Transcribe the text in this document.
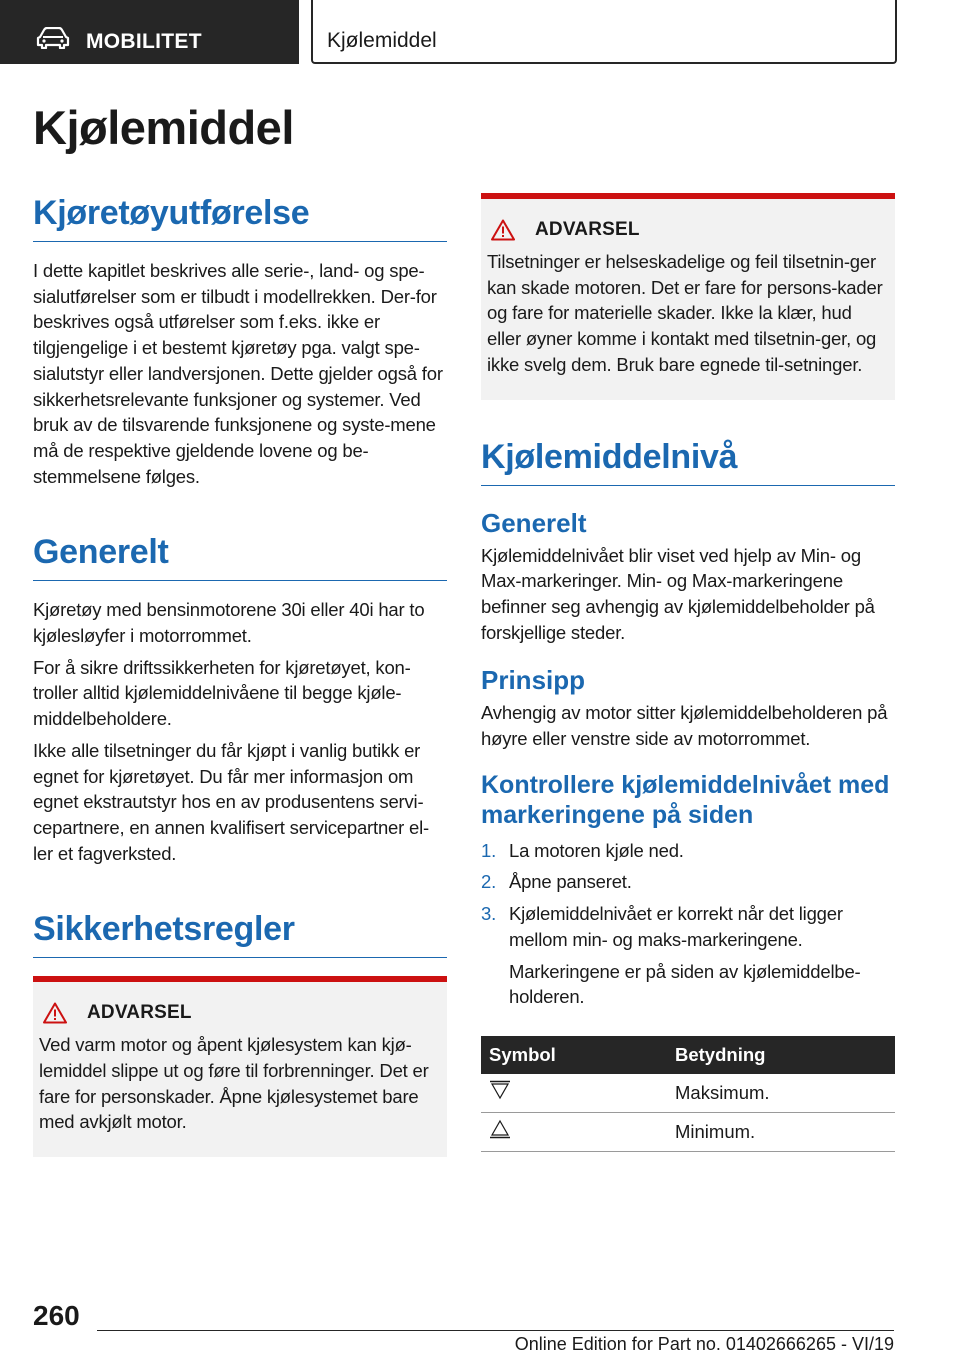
MOBILITET	Kjølemiddel
Kjølemiddel
Kjøretøyutførelse

I dette kapitlet beskrives alle serie-, land- og spe-sialutførelser som er tilbudt i modellrekken. Der-for beskrives også utførelser som f.eks. ikke er tilgjengelige i et bestemt kjøretøy pga. valgt spe-sialutstyr eller landversjonen. Dette gjelder også for sikkerhetsrelevante funksjoner og systemer. Ved bruk av de tilsvarende funksjonene og syste-mene må de respektive gjeldende lovene og be-stemmelsene følges.

Generelt

Kjøretøy med bensinmotorene 30i eller 40i har to kjølesløyfer i motorrommet.

For å sikre driftssikkerheten for kjøretøyet, kon-troller alltid kjølemiddelnivåene til begge kjøle-middelbeholdere.

Ikke alle tilsetninger du får kjøpt i vanlig butikk er egnet for kjøretøyet. Du får mer informasjon om egnet ekstrautstyr hos en av produsentens servi-cepartnere, en annen kvalifisert servicepartner el-ler et fagverksted.

Sikkerhetsregler
ADVARSEL

Ved varm motor og åpent kjølesystem kan kjø-lemiddel slippe ut og føre til forbrenninger. Det er fare for personskader. Åpne kjølesystemet bare med avkjølt motor.

ADVARSEL

Tilsetninger er helseskadelige og feil tilsetnin-ger kan skade motoren. Det er fare for persons-kader og fare for materielle skader. Ikke la klær, hud eller øyner komme i kontakt med tilsetnin-ger, og ikke svelg dem. Bruk bare egnede til-setninger.

Kjølemiddelnivå
Generelt

Kjølemiddelnivået blir viset ved hjelp av Min- og Max-markeringer. Min- og Max-markeringene befinner seg avhengig av kjølemiddelbeholder på forskjellige steder.

Prinsipp

Avhengig av motor sitter kjølemiddelbeholderen på høyre eller venstre side av motorrommet.

Kontrollere kjølemiddelnivået med markeringene på siden
1. La motoren kjøle ned.
2. Åpne panseret.
3. Kjølemiddelnivået er korrekt når det ligger mellom min- og maks-markeringene.
Markeringene er på siden av kjølemiddelbe-holderen.
Symbol	Betydning
	Maksimum.
	Minimum.
260
Online Edition for Part no. 01402666265 - VI/19
